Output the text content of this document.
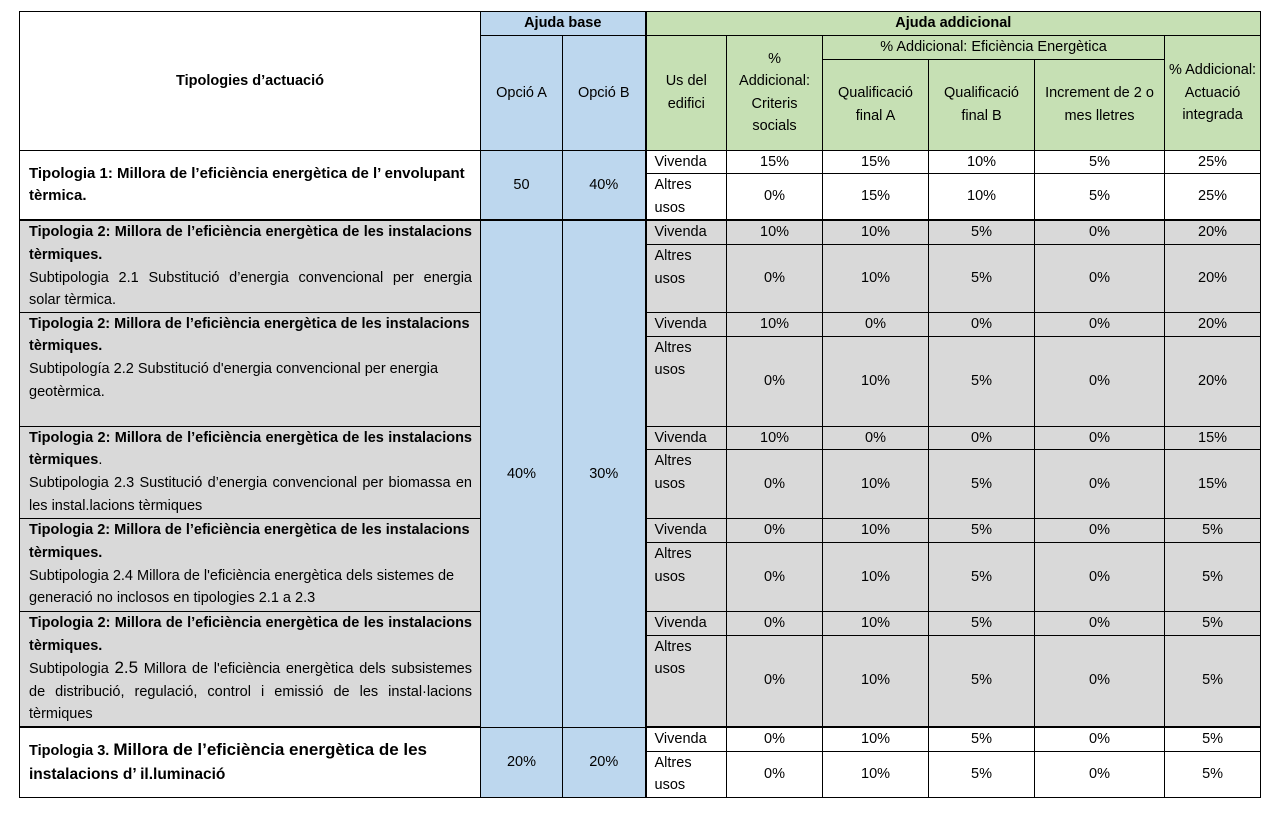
Tipologies d’actuació	Ajuda base		Ajuda addicional					
	Opció A	Opció B	Us del edifici	% Addicional: Criteris socials	% Addicional: Eficiència Energètica			% Addicional: Actuació integrada
					Qualificació final A	Qualificació final B	Increment de 2 o mes lletres	
Tipologia 1: Millora de l’eficiència energètica de l’ envolupant tèrmica.	50	40%	Vivenda	15%	15%	10%	5%	25%
			Altres usos	0%	15%	10%	5%	25%
Tipologia 2: Millora de l’eficiència energètica de les instalacions tèrmiques.
Subtipologia 2.1 Substitució d’energia convencional per energia solar tèrmica.	40%	30%	Vivenda	10%	10%	5%	0%	20%
			Altres usos	0%	10%	5%	0%	20%
Tipologia 2: Millora de l’eficiència energètica de les instalacions tèrmiques.
Subtipología 2.2 Substitució d'energia convencional per energia geotèrmica.			Vivenda	10%	0%	0%	0%	20%
			Altres usos	0%	10%	5%	0%	20%
Tipologia 2: Millora de l’eficiència energètica de les instalacions tèrmiques.
Subtipologia 2.3 Sustitució d’energia convencional per biomassa en les instal.lacions tèrmiques			Vivenda	10%	0%	0%	0%	15%
			Altres usos	0%	10%	5%	0%	15%
Tipologia 2: Millora de l’eficiència energètica de les instalacions tèrmiques.
Subtipologia 2.4 Millora de l'eficiència energètica dels sistemes de generació no inclosos en tipologies 2.1 a 2.3			Vivenda	0%	10%	5%	0%	5%
			Altres usos	0%	10%	5%	0%	5%
Tipologia 2: Millora de l’eficiència energètica de les instalacions tèrmiques.
Subtipologia 2.5 Millora de l'eficiència energètica dels subsistemes de distribució, regulació, control i emissió de les instal·lacions tèrmiques			Vivenda	0%	10%	5%	0%	5%
			Altres usos	0%	10%	5%	0%	5%
Tipologia 3. Millora de l’eficiència energètica de les
instalacions d’ il.luminació	20%	20%	Vivenda	0%	10%	5%	0%	5%
			Altres usos	0%	10%	5%	0%	5%
